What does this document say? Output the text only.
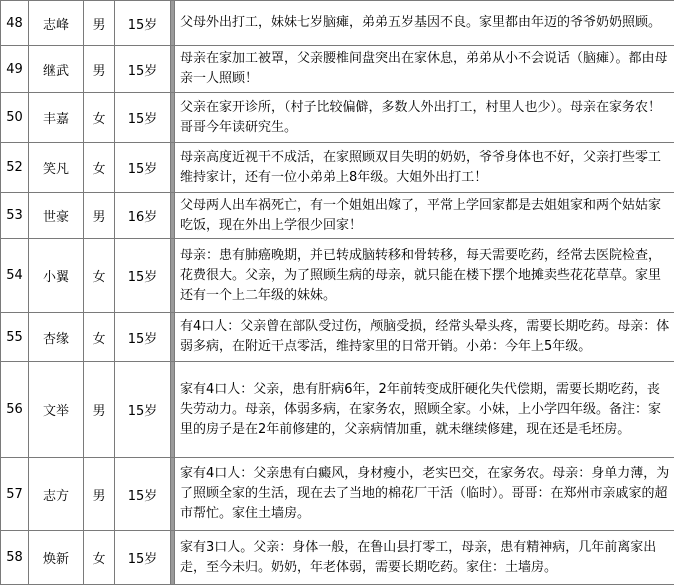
48	志峰	男	15岁		父母外出打工，妹妹七岁脑瘫，弟弟五岁基因不良。家里都由年迈的爷爷奶奶照顾。
49	继武	男	15岁		母亲在家加工被罩，父亲腰椎间盘突出在家休息，弟弟从小不会说话（脑瘫）。都由母亲一人照顾！
50	丰嘉	女	15岁		父亲在家开诊所，（村子比较偏僻，多数人外出打工，村里人也少）。母亲在家务农！哥哥今年读研究生。
52	笑凡	女	15岁		母亲高度近视干不成活，在家照顾双目失明的奶奶，爷爷身体也不好，父亲打些零工维持家计，还有一位小弟弟上8年级。大姐外出打工！
53	世豪	男	16岁		父母两人出车祸死亡，有一个姐姐出嫁了，平常上学回家都是去姐姐家和两个姑姑家吃饭，现在外出上学很少回家！
54	小翼	女	15岁		母亲：患有肺癌晚期，并已转成脑转移和骨转移，每天需要吃药，经常去医院检查，花费很大。父亲，为了照顾生病的母亲，就只能在楼下摆个地摊卖些花花草草。家里还有一个上二年级的妹妹。
55	杏缘	女	15岁		有4口人：父亲曾在部队受过伤，颅脑受损，经常头晕头疼，需要长期吃药。母亲：体弱多病，在附近干点零活，维持家里的日常开销。小弟：今年上5年级。
56	文举	男	15岁		家有4口人：父亲，患有肝病6年，2年前转变成肝硬化失代偿期，需要长期吃药，丧失劳动力。母亲，体弱多病，在家务农，照顾全家。小妹，上小学四年级。备注：家里的房子是在2年前修建的，父亲病情加重，就未继续修建，现在还是毛坯房。
57	志方	男	15岁		家有4口人：父亲患有白癜风，身材瘦小，老实巴交，在家务农。母亲：身单力薄，为了照顾全家的生活，现在去了当地的棉花厂干活（临时）。哥哥：在郑州市亲戚家的超市帮忙。家住土墙房。
58	焕新	女	15岁		家有3口人。父亲：身体一般，在鲁山县打零工，母亲，患有精神病，几年前离家出走，至今未归。奶奶，年老体弱，需要长期吃药。家住：土墙房。
